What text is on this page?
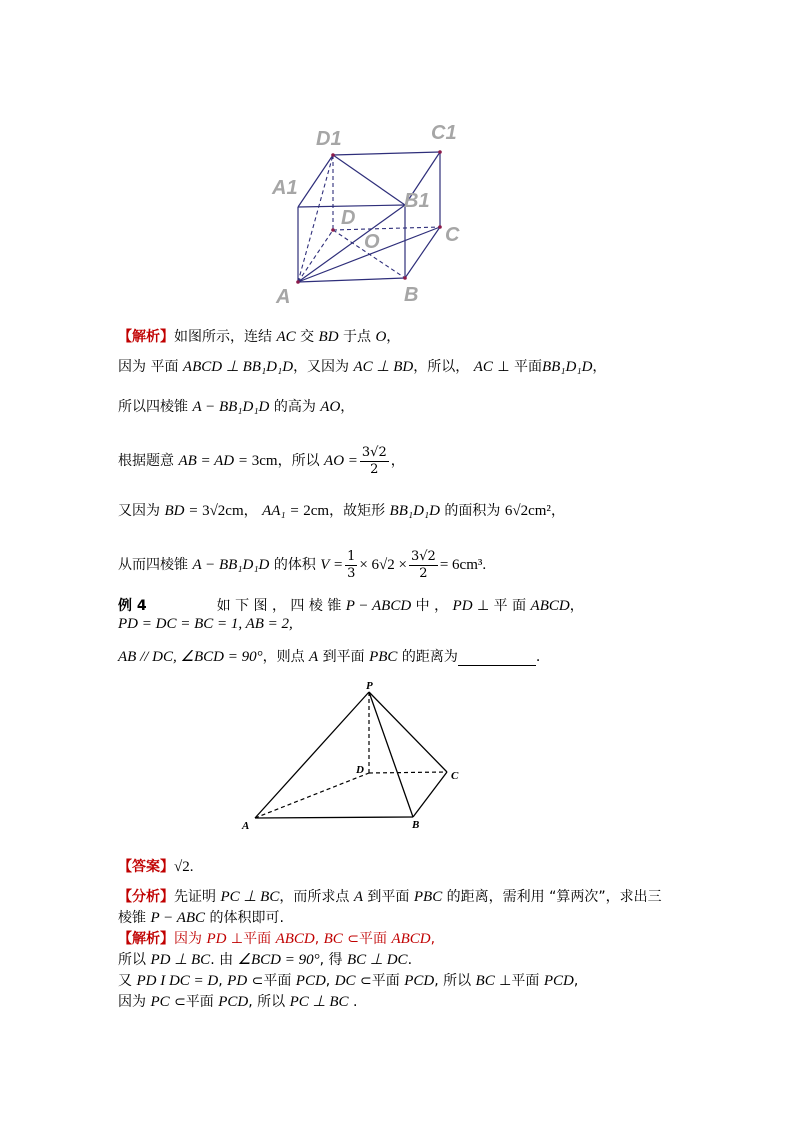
D1	C1
A1
B1
D
O	C
A	B
【解析】如图所示，连结 AC 交 BD 于点 O，
因为 平面 ABCD ⊥ BB₁D₁D，又因为 AC ⊥ BD，所以， AC ⊥ 平面BB₁D₁D，
所以四棱锥 A − BB₁D₁D 的高为 AO，
根据题意 AB = AD = 3cm，所以 AO = $\frac{3√2}{2}$ ，
又因为 BD = 3√2cm， AA₁ = 2cm，故矩形 BB₁D₁D 的面积为 6√2cm²，
从而四棱锥 A − BB₁D₁D 的体积 $V = \frac{1}{3} \times 6√2 \times \frac{3√2}{2} = 6cm^3$.
例 4	如 下 图 ， 四 棱 锥 P − ABCD 中 ， PD ⊥ 平 面 ABCD，
PD = DC = BC = 1, AB = 2,
AB // DC, ∠BCD = 90°，则点 A 到平面 PBC 的距离为	.
P
D	C
A	B
【答案】√2.
【分析】先证明 PC ⊥ BC，而所求点 A 到平面 PBC 的距离，需利用 “算两次”，求出三
棱锥 P − ABC 的体积即可.
【解析】因为 PD ⊥平面 ABCD, BC ⊂平面 ABCD,
所以 PD ⊥ BC. 由 ∠BCD = 90°, 得 BC ⊥ DC.
又 PD I DC = D, PD ⊂平面 PCD, DC ⊂平面 PCD, 所以 BC ⊥平面 PCD,
因为 PC ⊂平面 PCD, 所以 PC ⊥ BC .
